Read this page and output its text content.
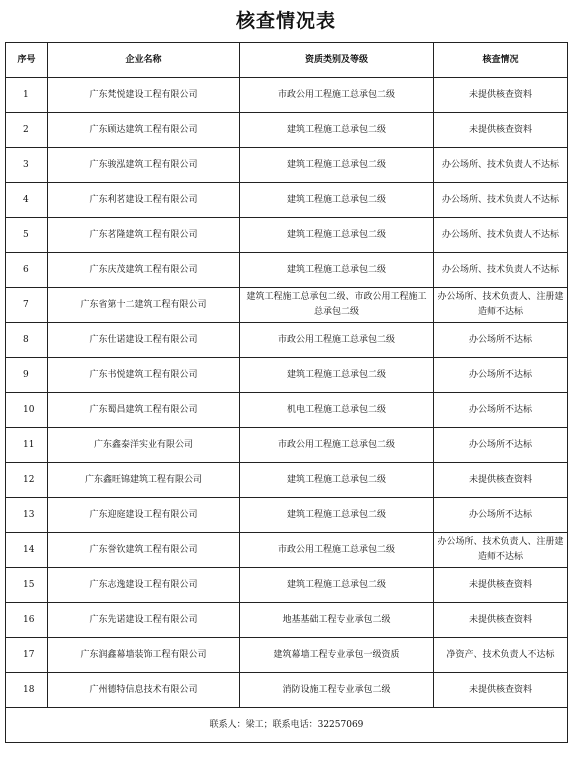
核查情况表
序号	企业名称	资质类别及等级	核查情况
1	广东梵悦建设工程有限公司	市政公用工程施工总承包二级	未提供核查资料
2	广东顾达建筑工程有限公司	建筑工程施工总承包二级	未提供核查资料
3	广东骏泓建筑工程有限公司	建筑工程施工总承包二级	办公场所、技术负责人不达标
4	广东利茗建设工程有限公司	建筑工程施工总承包二级	办公场所、技术负责人不达标
5	广东茗隆建筑工程有限公司	建筑工程施工总承包二级	办公场所、技术负责人不达标
6	广东庆茂建筑工程有限公司	建筑工程施工总承包二级	办公场所、技术负责人不达标
7	广东省第十二建筑工程有限公司	建筑工程施工总承包二级、市政公用工程施工总承包二级	办公场所、技术负责人、注册建造师不达标
8	广东仕诺建设工程有限公司	市政公用工程施工总承包二级	办公场所不达标
9	广东书悦建筑工程有限公司	建筑工程施工总承包二级	办公场所不达标
10	广东蜀昌建筑工程有限公司	机电工程施工总承包二级	办公场所不达标
11	广东鑫泰洋实业有限公司	市政公用工程施工总承包二级	办公场所不达标
12	广东鑫旺锦建筑工程有限公司	建筑工程施工总承包二级	未提供核查资料
13	广东迎庭建设工程有限公司	建筑工程施工总承包二级	办公场所不达标
14	广东誉钦建筑工程有限公司	市政公用工程施工总承包二级	办公场所、技术负责人、注册建造师不达标
15	广东志逸建设工程有限公司	建筑工程施工总承包二级	未提供核查资料
16	广东先诺建设工程有限公司	地基基础工程专业承包二级	未提供核查资料
17	广东润鑫幕墙装饰工程有限公司	建筑幕墙工程专业承包一级资质	净资产、技术负责人不达标
18	广州德特信息技术有限公司	消防设施工程专业承包二级	未提供核查资料
联系人：梁工；联系电话：32257069			
